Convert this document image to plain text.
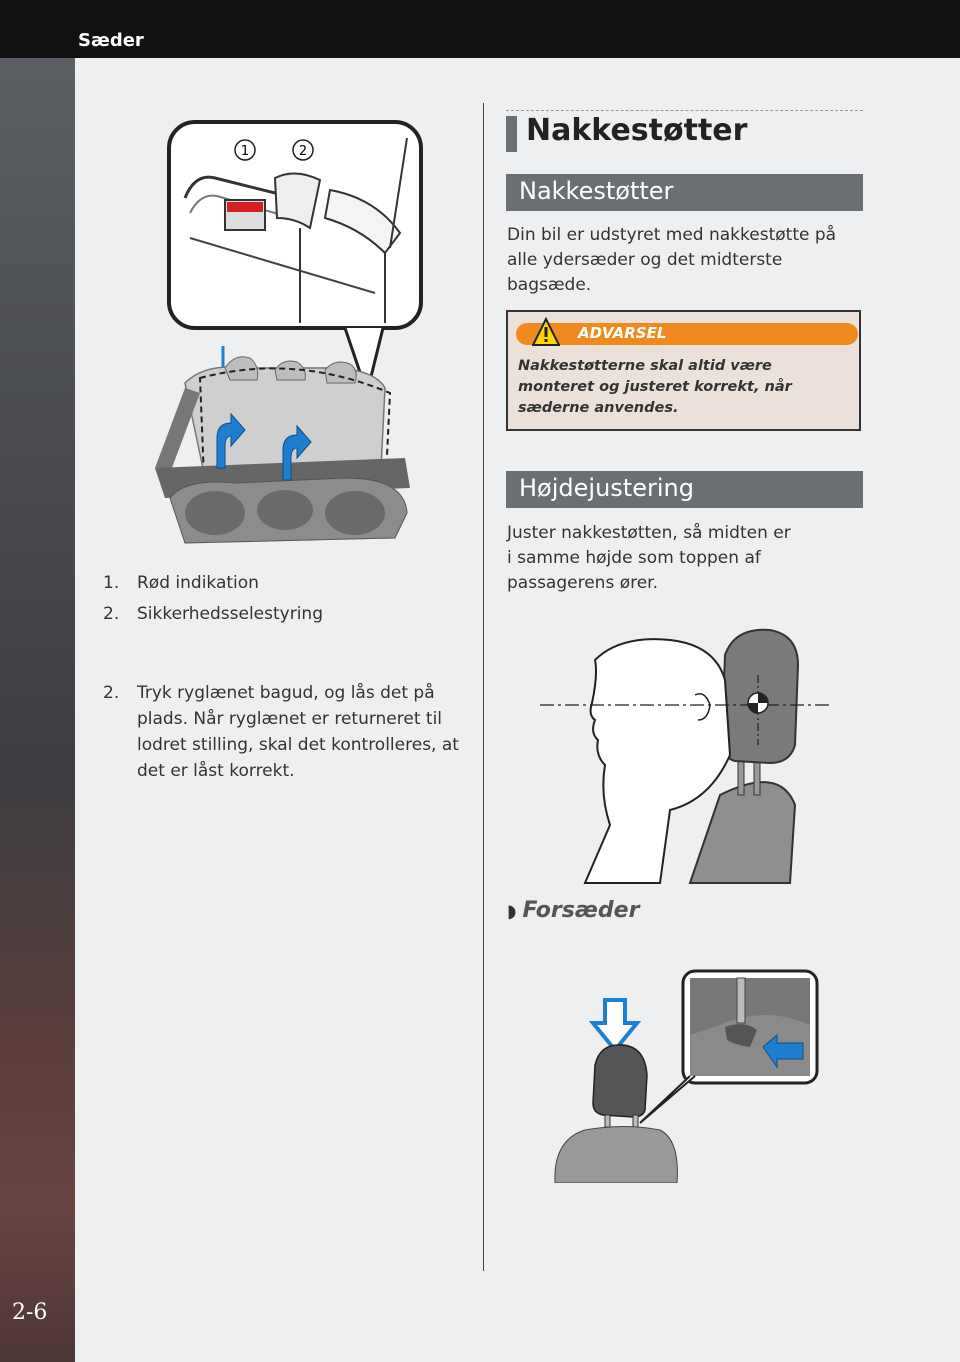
Sæder
2-6
1	2
1.	Rød indikation
2.	Sikkerhedsselestyring
2.	Tryk ryglænet bagud, og lås det på plads. Når ryglænet er returneret til lodret stilling, skal det kontrolleres, at det er låst korrekt.
Nakkestøtter
Nakkestøtter
Din bil er udstyret med nakkestøtte på alle ydersæder og det midterste bagsæde.
ADVARSEL
Nakkestøtterne skal altid være monteret og justeret korrekt, når sæderne anvendes.
Højdejustering
Juster nakkestøtten, så midten er i samme højde som toppen af passagerens ører.
◗ Forsæder
